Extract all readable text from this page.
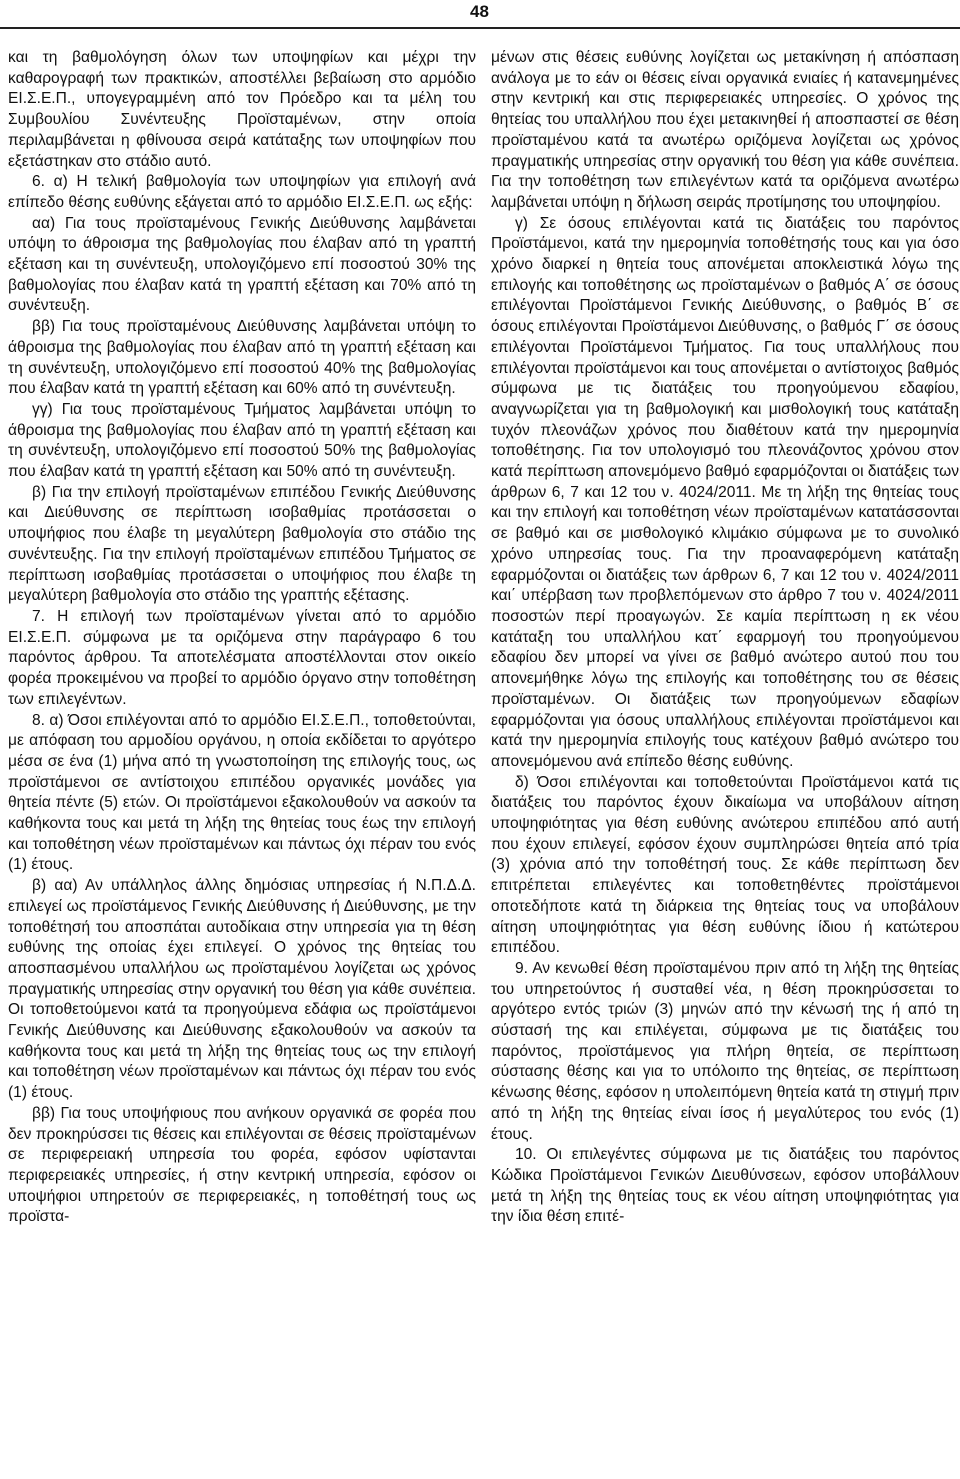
48

και τη βαθμολόγηση όλων των υποψηφίων και μέχρι την καθαρογραφή των πρακτικών, αποστέλλει βεβαίωση στο αρμόδιο ΕΙ.Σ.Ε.Π., υπογεγραμμένη από τον Πρόεδρο και τα μέλη του Συμβουλίου Συνέντευξης Προϊσταμένων, στην οποία περιλαμβάνεται η φθίνουσα σειρά κατάταξης των υποψηφίων που εξετάστηκαν στο στάδιο αυτό.

6. α) Η τελική βαθμολογία των υποψηφίων για επιλογή ανά επίπεδο θέσης ευθύνης εξάγεται από το αρμόδιο ΕΙ.Σ.Ε.Π. ως εξής:

αα) Για τους προϊσταμένους Γενικής Διεύθυνσης λαμβάνεται υπόψη το άθροισμα της βαθμολογίας που έλαβαν από τη γραπτή εξέταση και τη συνέντευξη, υπολογιζόμενο επί ποσοστού 30% της βαθμολογίας που έλαβαν κατά τη γραπτή εξέταση και 70% από τη συνέντευξη.

ββ) Για τους προϊσταμένους Διεύθυνσης λαμβάνεται υπόψη το άθροισμα της βαθμολογίας που έλαβαν από τη γραπτή εξέταση και τη συνέντευξη, υπολογιζόμενο επί ποσοστού 40% της βαθμολογίας που έλαβαν κατά τη γραπτή εξέταση και 60% από τη συνέντευξη.

γγ) Για τους προϊσταμένους Τμήματος λαμβάνεται υπόψη το άθροισμα της βαθμολογίας που έλαβαν από τη γραπτή εξέταση και τη συνέντευξη, υπολογιζόμενο επί ποσοστού 50% της βαθμολογίας που έλαβαν κατά τη γραπτή εξέταση και 50% από τη συνέντευξη.

β) Για την επιλογή προϊσταμένων επιπέδου Γενικής Διεύθυνσης και Διεύθυνσης σε περίπτωση ισοβαθμίας προτάσσεται ο υποψήφιος που έλαβε τη μεγαλύτερη βαθμολογία στο στάδιο της συνέντευξης. Για την επιλογή προϊσταμένων επιπέδου Τμήματος σε περίπτωση ισοβαθμίας προτάσσεται ο υποψήφιος που έλαβε τη μεγαλύτερη βαθμολογία στο στάδιο της γραπτής εξέτασης.

7. Η επιλογή των προϊσταμένων γίνεται από το αρμόδιο ΕΙ.Σ.Ε.Π. σύμφωνα με τα οριζόμενα στην παράγραφο 6 του παρόντος άρθρου. Τα αποτελέσματα αποστέλλονται στον οικείο φορέα προκειμένου να προβεί το αρμόδιο όργανο στην τοποθέτηση των επιλεγέντων.

8. α) Όσοι επιλέγονται από το αρμόδιο ΕΙ.Σ.Ε.Π., τοποθετούνται, με απόφαση του αρμοδίου οργάνου, η οποία εκδίδεται το αργότερο μέσα σε ένα (1) μήνα από τη γνωστοποίηση της επιλογής τους, ως προϊστάμενοι σε αντίστοιχου επιπέδου οργανικές μονάδες για θητεία πέντε (5) ετών. Οι προϊστάμενοι εξακολουθούν να ασκούν τα καθήκοντα τους και μετά τη λήξη της θητείας τους έως την επιλογή και τοποθέτηση νέων προϊσταμένων και πάντως όχι πέραν του ενός (1) έτους.

β) αα) Αν υπάλληλος άλλης δημόσιας υπηρεσίας ή Ν.Π.Δ.Δ. επιλεγεί ως προϊστάμενος Γενικής Διεύθυνσης ή Διεύθυνσης, με την τοποθέτησή του αποσπάται αυτοδίκαια στην υπηρεσία για τη θέση ευθύνης της οποίας έχει επιλεγεί. Ο χρόνος της θητείας του αποσπασμένου υπαλλήλου ως προϊσταμένου λογίζεται ως χρόνος πραγματικής υπηρεσίας στην οργανική του θέση για κάθε συνέπεια. Οι τοποθετούμενοι κατά τα προηγούμενα εδάφια ως προϊστάμενοι Γενικής Διεύθυνσης και Διεύθυνσης εξακολουθούν να ασκούν τα καθήκοντα τους και μετά τη λήξη της θητείας τους ως την επιλογή και τοποθέτηση νέων προϊσταμένων και πάντως όχι πέραν του ενός (1) έτους.

ββ) Για τους υποψήφιους που ανήκουν οργανικά σε φορέα που δεν προκηρύσσει τις θέσεις και επιλέγονται σε θέσεις προϊσταμένων σε περιφερειακή υπηρεσία του φορέα, εφόσον υφίστανται περιφερειακές υπηρεσίες, ή στην κεντρική υπηρεσία, εφόσον οι υποψήφιοι υπηρετούν σε περιφερειακές, η τοποθέτησή τους ως προϊστα-

μένων στις θέσεις ευθύνης λογίζεται ως μετακίνηση ή απόσπαση ανάλογα με το εάν οι θέσεις είναι οργανικά ενιαίες ή κατανεμημένες στην κεντρική και στις περιφερειακές υπηρεσίες. Ο χρόνος της θητείας του υπαλλήλου που έχει μετακινηθεί ή αποσπαστεί σε θέση προϊσταμένου κατά τα ανωτέρω οριζόμενα λογίζεται ως χρόνος πραγματικής υπηρεσίας στην οργανική του θέση για κάθε συνέπεια. Για την τοποθέτηση των επιλεγέντων κατά τα οριζόμενα ανωτέρω λαμβάνεται υπόψη η δήλωση σειράς προτίμησης του υποψηφίου.

γ) Σε όσους επιλέγονται κατά τις διατάξεις του παρόντος Προϊστάμενοι, κατά την ημερομηνία τοποθέτησής τους και για όσο χρόνο διαρκεί η θητεία τους απονέμεται αποκλειστικά λόγω της επιλογής και τοποθέτησης ως προϊσταμένων ο βαθμός Α΄ σε όσους επιλέγονται Προϊστάμενοι Γενικής Διεύθυνσης, ο βαθμός Β΄ σε όσους επιλέγονται Προϊστάμενοι Διεύθυνσης, ο βαθμός Γ΄ σε όσους επιλέγονται Προϊστάμενοι Τμήματος. Για τους υπαλλήλους που επιλέγονται προϊστάμενοι και τους απονέμεται ο αντίστοιχος βαθμός σύμφωνα με τις διατάξεις του προηγούμενου εδαφίου, αναγνωρίζεται για τη βαθμολογική και μισθολογική τους κατάταξη τυχόν πλεονάζων χρόνος που διαθέτουν κατά την ημερομηνία τοποθέτησης. Για τον υπολογισμό του πλεονάζοντος χρόνου στον κατά περίπτωση απονεμόμενο βαθμό εφαρμόζονται οι διατάξεις των άρθρων 6, 7 και 12 του ν. 4024/2011. Με τη λήξη της θητείας τους και την επιλογή και τοποθέτηση νέων προϊσταμένων κατατάσσονται σε βαθμό και σε μισθολογικό κλιμάκιο σύμφωνα με το συνολικό χρόνο υπηρεσίας τους. Για την προαναφερόμενη κατάταξη εφαρμόζονται οι διατάξεις των άρθρων 6, 7 και 12 του ν. 4024/2011 και΄ υπέρβαση των προβλεπόμενων στο άρθρο 7 του ν. 4024/2011 ποσοστών περί προαγωγών. Σε καμία περίπτωση η εκ νέου κατάταξη του υπαλλήλου κατ΄ εφαρμογή του προηγούμενου εδαφίου δεν μπορεί να γίνει σε βαθμό ανώτερο αυτού που του απονεμήθηκε λόγω της επιλογής και τοποθέτησης του σε θέσεις προϊσταμένων. Οι διατάξεις των προηγούμενων εδαφίων εφαρμόζονται για όσους υπαλλήλους επιλέγονται προϊστάμενοι και κατά την ημερομηνία επιλογής τους κατέχουν βαθμό ανώτερο του απονεμόμενου ανά επίπεδο θέσης ευθύνης.

δ) Όσοι επιλέγονται και τοποθετούνται Προϊστάμενοι κατά τις διατάξεις του παρόντος έχουν δικαίωμα να υποβάλουν αίτηση υποψηφιότητας για θέση ευθύνης ανώτερου επιπέδου από αυτή που έχουν επιλεγεί, εφόσον έχουν συμπληρώσει θητεία από τρία (3) χρόνια από την τοποθέτησή τους. Σε κάθε περίπτωση δεν επιτρέπεται επιλεγέντες και τοποθετηθέντες προϊστάμενοι οποτεδήποτε κατά τη διάρκεια της θητείας τους να υποβάλουν αίτηση υποψηφιότητας για θέση ευθύνης ίδιου ή κατώτερου επιπέδου.

9. Αν κενωθεί θέση προϊσταμένου πριν από τη λήξη της θητείας του υπηρετούντος ή συσταθεί νέα, η θέση προκηρύσσεται το αργότερο εντός τριών (3) μηνών από την κένωσή της ή από τη σύστασή της και επιλέγεται, σύμφωνα με τις διατάξεις του παρόντος, προϊστάμενος για πλήρη θητεία, σε περίπτωση σύστασης θέσης και για το υπόλοιπο της θητείας, σε περίπτωση κένωσης θέσης, εφόσον η υπολειπόμενη θητεία κατά τη στιγμή πριν από τη λήξη της θητείας είναι ίσος ή μεγαλύτερος του ενός (1) έτους.

10. Οι επιλεγέντες σύμφωνα με τις διατάξεις του παρόντος Κώδικα Προϊστάμενοι Γενικών Διευθύνσεων, εφόσον υποβάλλουν μετά τη λήξη της θητείας τους εκ νέου αίτηση υποψηφιότητας για την ίδια θέση επιτέ-
